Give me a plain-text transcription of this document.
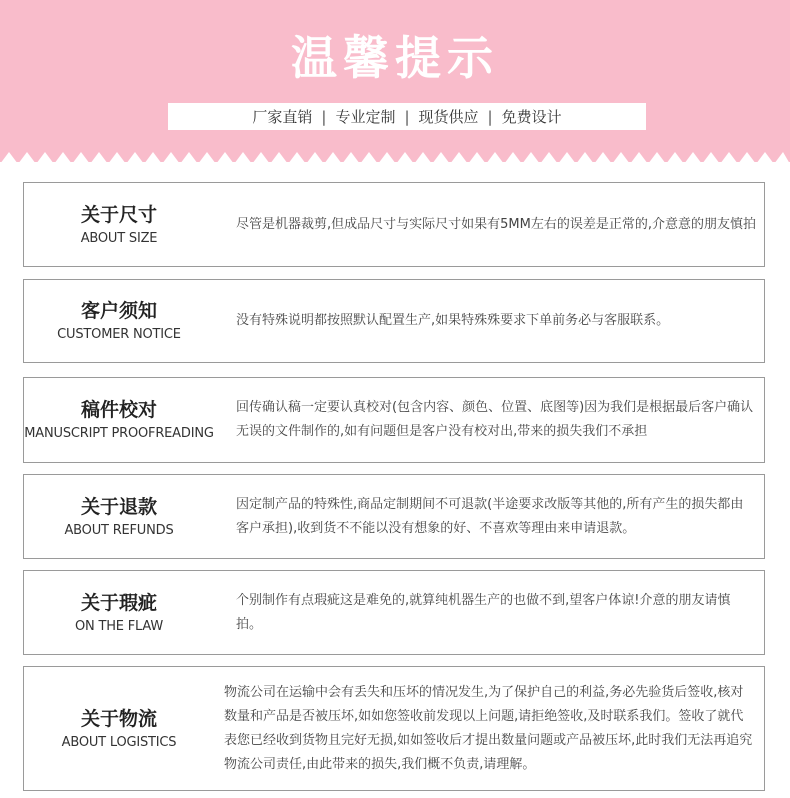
温馨提示
厂家直销 | 专业定制 | 现货供应 | 免费设计
关于尺寸
ABOUT SIZE
尽管是机器裁剪,但成品尺寸与实际尺寸如果有5MM左右的误差是正常的,介意意的朋友慎拍
客户须知
CUSTOMER NOTICE
没有特殊说明都按照默认配置生产,如果特殊殊要求下单前务必与客服联系。
稿件校对
MANUSCRIPT PROOFREADING
回传确认稿一定要认真校对(包含内容、颜色、位置、底图等)因为我们是根据最后客户确认无误的文件制作的,如有问题但是客户没有校对出,带来的损失我们不承担
关于退款
ABOUT REFUNDS
因定制产品的特殊性,商品定制期间不可退款(半途要求改版等其他的,所有产生的损失都由客户承担),收到货不不能以没有想象的好、不喜欢等理由来申请退款。
关于瑕疵
ON THE FLAW
个别制作有点瑕疵这是难免的,就算纯机器生产的也做不到,望客户体谅!介意的朋友请慎拍。
关于物流
ABOUT LOGISTICS
物流公司在运输中会有丢失和压坏的情况发生,为了保护自己的利益,务必先验货后签收,核对数量和产品是否被压坏,如如您签收前发现以上问题,请拒绝签收,及时联系我们。签收了就代表您已经收到货物且完好无损,如如签收后才提出数量问题或产品被压坏,此时我们无法再追究物流公司责任,由此带来的损失,我们概不负责,请理解。
